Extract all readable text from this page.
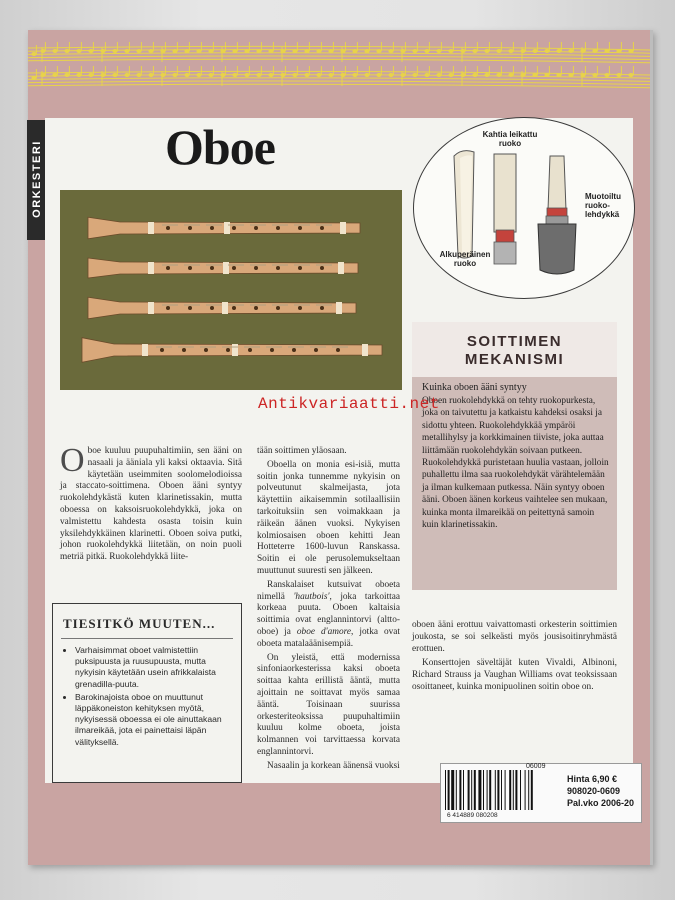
ORKESTERI Oboe	Kahtia leikattu ruoko
Alkuperäinen ruoko
Muotoiltu ruoko-lehdykkä
SOITTIMEN
MEKANISMI
Kuinka oboen ääni syntyy
Oboen ruokolehdykkä on tehty ruokopurkesta, joka on taivutettu ja katkaistu kahdeksi osaksi ja sidottu yhteen. Ruokolehdykkää ympäröi metallihylsy ja korkkimainen tiiviste, joka auttaa liittämään ruokolehdykän soivaan putkeen. Ruokolehdykkä puristetaan huulia vastaan, jolloin puhallettu ilma saa ruokolehdykät värähtelemään ja ilman kulkemaan putkessa. Näin syntyy oboen ääni. Oboen äänen korkeus vaihtelee sen mukaan, kuinka monta ilmareikää on peitettynä samoin kuin klarinetissakin.
Oboe kuuluu puupuhaltimiin, sen ääni on nasaali ja ääniala yli kaksi oktaavia. Sitä käytetään useimmiten soolomelodioissa ja staccato-soittimena. Oboen ääni syntyy ruokolehdykästä kuten klarinetissakin, mutta oboessa on kaksoisruokolehdykkä, joka on valmistettu kahdesta osasta toisin kuin yksilehdykkäinen klarinetti. Oboen soiva putki, johon ruokolehdykkä liitetään, on noin puoli metriä pitkä. Ruokolehdykkä liite-
tään soittimen yläosaan.
Oboella on monia esi-isiä, mutta soitin jonka tunnemme nykyisin on polveutunut skalmeijasta, jota käytettiin aikaisemmin sotilaallisiin tarkoituksiin sen voimakkaan ja räikeän äänen vuoksi. Nykyisen kolmiosaisen oboen kehitti Jean Hotteterre 1600-luvun Ranskassa. Soitin ei ole perusolemukseltaan muuttunut suuresti sen jälkeen.
Ranskalaiset kutsuivat oboeta nimellä 'hautbois', joka tarkoittaa korkeaa puuta. Oboen kaltaisia soittimia ovat englannintorvi (altto-oboe) ja oboe d'amore, jotka ovat oboeta matalaäänisempiä.
On yleistä, että modernissa sinfoniaorkesterissa kaksi oboeta soittaa kahta erillistä ääntä, mutta ajoittain ne soittavat myös samaa ääntä. Toisinaan suurissa orkesteriteoksissa puupuhaltimiin kuuluu kolme oboeta, joista kolmannen voi tarvittaessa korvata englannintorvi.
Nasaalin ja korkean äänensä vuoksi
oboen ääni erottuu vaivattomasti orkesterin soittimien joukosta, se soi selkeästi myös jousisoitinryhmästä erottuen.
Konserttojen säveltäjät kuten Vivaldi, Albinoni, Richard Strauss ja Vaughan Williams ovat teoksissaan osoittaneet, kuinka monipuolinen soitin oboe on.
TIESITKÖ MUUTEN...
• Varhaisimmat oboet valmistettiin puksipuusta ja ruusupuusta, mutta nykyisin käytetään usein afrikkalaista grenadilla-puuta.
• Barokinajoista oboe on muuttunut läppäkoneiston kehityksen myötä, nykyisessä oboessa ei ole ainuttakaan ilmareikää, jota ei painettaisi läpän välityksellä.
Antikvariaatti.net
06009
6 414889 080208
Hinta 6,90 €
908020-0609
Pal.vko 2006-20
